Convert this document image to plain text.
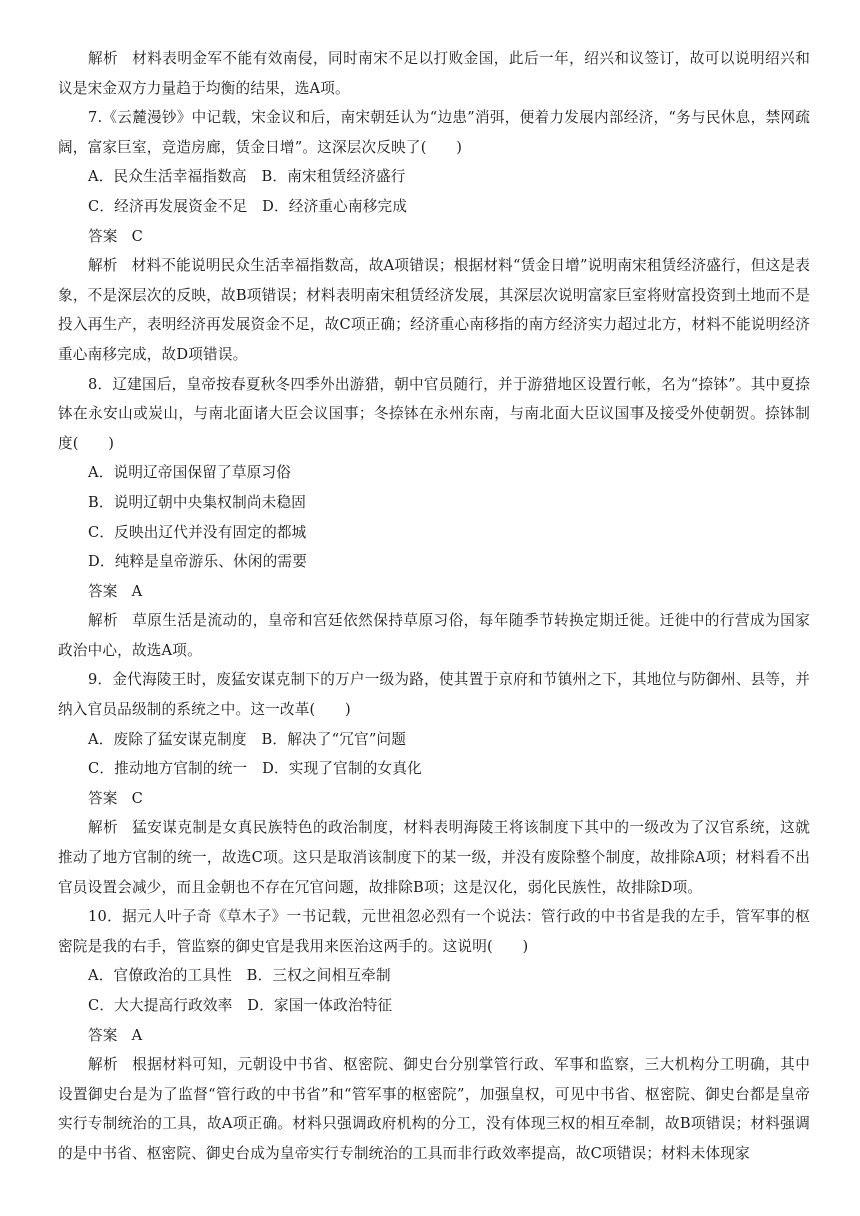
解析 材料表明金军不能有效南侵，同时南宋不足以打败金国，此后一年，绍兴和议签订，故可以说明绍兴和议是宋金双方力量趋于均衡的结果，选A项。

7.《云麓漫钞》中记载，宋金议和后，南宋朝廷认为“边患”消弭，便着力发展内部经济，“务与民休息，禁网疏阔，富家巨室，竞造房廊，赁金日增”。这深层次反映了(　　)

A．民众生活幸福指数高　B．南宋租赁经济盛行

C．经济再发展资金不足　D．经济重心南移完成

答案 C

解析 材料不能说明民众生活幸福指数高，故A项错误；根据材料“赁金日增”说明南宋租赁经济盛行，但这是表象，不是深层次的反映，故B项错误；材料表明南宋租赁经济发展，其深层次说明富家巨室将财富投资到土地而不是投入再生产，表明经济再发展资金不足，故C项正确；经济重心南移指的南方经济实力超过北方，材料不能说明经济重心南移完成，故D项错误。

8．辽建国后，皇帝按春夏秋冬四季外出游猎，朝中官员随行，并于游猎地区设置行帐，名为“捺钵”。其中夏捺钵在永安山或炭山，与南北面诸大臣会议国事；冬捺钵在永州东南，与南北面大臣议国事及接受外使朝贺。捺钵制度(　　)

A．说明辽帝国保留了草原习俗

B．说明辽朝中央集权制尚未稳固

C．反映出辽代并没有固定的都城

D．纯粹是皇帝游乐、休闲的需要

答案 A

解析 草原生活是流动的，皇帝和宫廷依然保持草原习俗，每年随季节转换定期迁徙。迁徙中的行营成为国家政治中心，故选A项。

9．金代海陵王时，废猛安谋克制下的万户一级为路，使其置于京府和节镇州之下，其地位与防御州、县等，并纳入官员品级制的系统之中。这一改革(　　)

A．废除了猛安谋克制度　B．解决了“冗官”问题

C．推动地方官制的统一　D．实现了官制的女真化

答案 C

解析 猛安谋克制是女真民族特色的政治制度，材料表明海陵王将该制度下其中的一级改为了汉官系统，这就推动了地方官制的统一，故选C项。这只是取消该制度下的某一级，并没有废除整个制度，故排除A项；材料看不出官员设置会减少，而且金朝也不存在冗官问题，故排除B项；这是汉化，弱化民族性，故排除D项。

10．据元人叶子奇《草木子》一书记载，元世祖忽必烈有一个说法：管行政的中书省是我的左手，管军事的枢密院是我的右手，管监察的御史官是我用来医治这两手的。这说明(　　)

A．官僚政治的工具性　B．三权之间相互牵制

C．大大提高行政效率　D．家国一体政治特征

答案 A

解析 根据材料可知，元朝设中书省、枢密院、御史台分别掌管行政、军事和监察，三大机构分工明确，其中设置御史台是为了监督“管行政的中书省”和“管军事的枢密院”，加强皇权，可见中书省、枢密院、御史台都是皇帝实行专制统治的工具，故A项正确。材料只强调政府机构的分工，没有体现三权的相互牵制，故B项错误；材料强调的是中书省、枢密院、御史台成为皇帝实行专制统治的工具而非行政效率提高，故C项错误；材料未体现家
